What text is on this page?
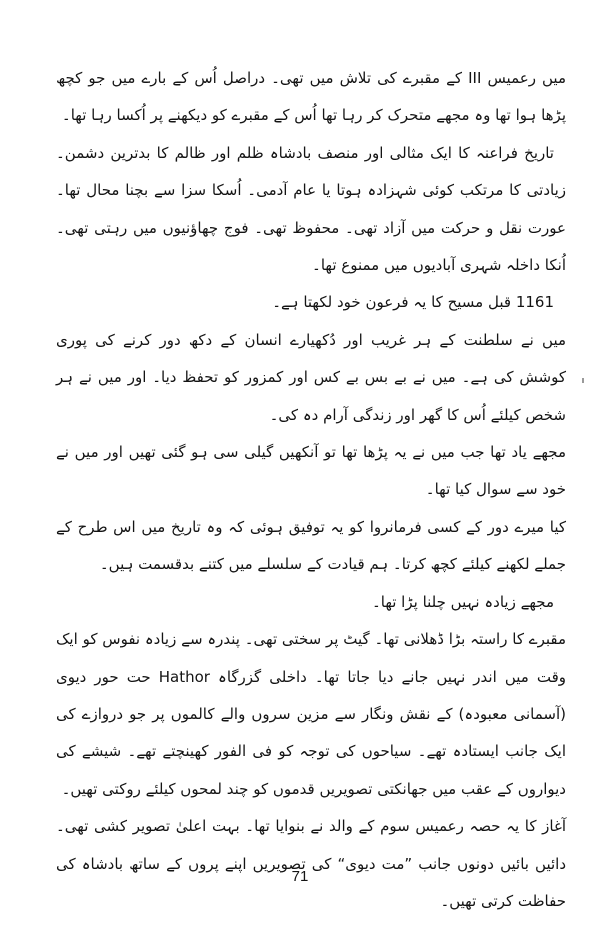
میں رعمیس III کے مقبرے کی تلاش میں تھی۔ دراصل اُس کے بارے میں جو کچھ پڑھا ہوا تھا وہ مجھے متحرک کر رہا تھا اُس کے مقبرے کو دیکھنے پر اُکسا رہا تھا۔

تاریخ فراعنہ کا ایک مثالی اور منصف بادشاہ ظلم اور ظالم کا بدترین دشمن۔ زیادتی کا مرتکب کوئی شہزادہ ہوتا یا عام آدمی۔ اُسکا سزا سے بچنا محال تھا۔ عورت نقل و حرکت میں آزاد تھی۔ محفوظ تھی۔ فوج چھاؤنیوں میں رہتی تھی۔ اُنکا داخلہ شہری آبادیوں میں ممنوع تھا۔

1161 قبل مسیح کا یہ فرعون خود لکھتا ہے۔

میں نے سلطنت کے ہر غریب اور دُکھیارے انسان کے دکھ دور کرنے کی پوری کوشش کی ہے۔ میں نے بے بس بے کس اور کمزور کو تحفظ دیا۔ اور میں نے ہر شخص کیلئے اُس کا گھر اور زندگی آرام دہ کی۔

مجھے یاد تھا جب میں نے یہ پڑھا تھا تو آنکھیں گیلی سی ہو گئی تھیں اور میں نے خود سے سوال کیا تھا۔

کیا میرے دور کے کسی فرمانروا کو یہ توفیق ہوئی کہ وہ تاریخ میں اس طرح کے جملے لکھنے کیلئے کچھ کرتا۔ ہم قیادت کے سلسلے میں کتنے بدقسمت ہیں۔

مجھے زیادہ نہیں چلنا پڑا تھا۔

مقبرے کا راستہ بڑا ڈھلانی تھا۔ گیٹ پر سختی تھی۔ پندرہ سے زیادہ نفوس کو ایک وقت میں اندر نہیں جانے دیا جاتا تھا۔ داخلی گزرگاہ Hathor حت حور دیوی (آسمانی معبودہ) کے نقش ونگار سے مزین سروں والے کالموں پر جو دروازے کی ایک جانب ایستادہ تھے۔ سیاحوں کی توجہ کو فی الفور کھینچتے تھے۔ شیشے کی دیواروں کے عقب میں جھانکتی تصویریں قدموں کو چند لمحوں کیلئے روکتی تھیں۔

آغاز کا یہ حصہ رعمیس سوم کے والد نے بنوایا تھا۔ بہت اعلیٰ تصویر کشی تھی۔ دائیں بائیں دونوں جانب ”مت دیوی“ کی تصویریں اپنے پروں کے ساتھ بادشاہ کی حفاظت کرتی تھیں۔

71
